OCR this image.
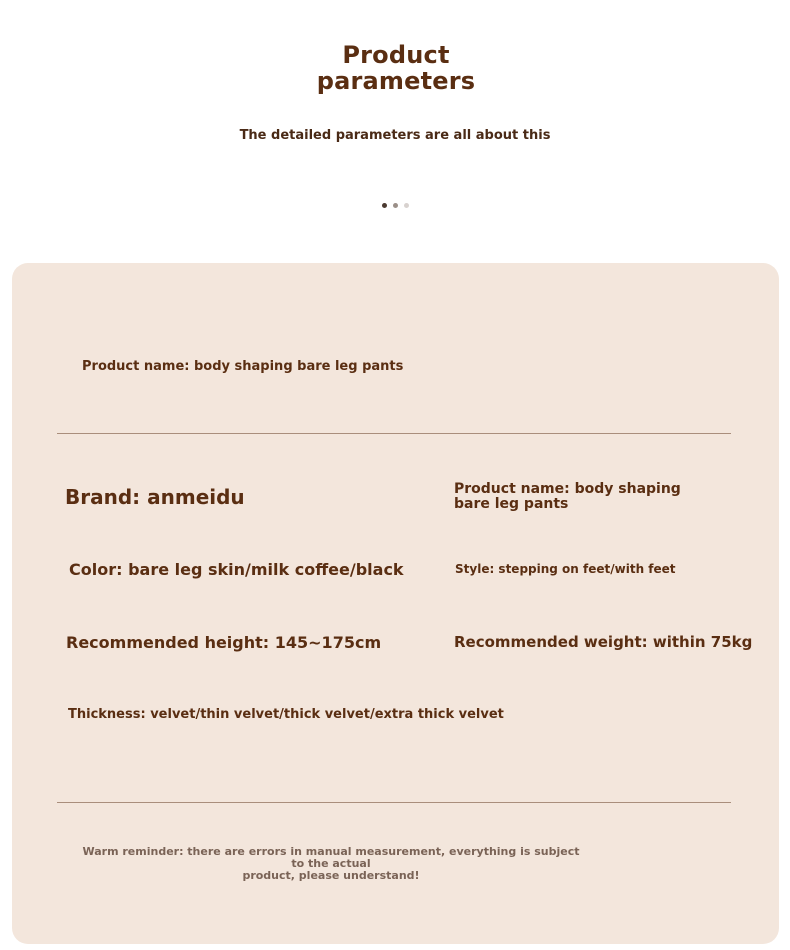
Product
parameters
The detailed parameters are all about this
Product name: body shaping bare leg pants
Brand: anmeidu	Product name: body shaping
bare leg pants
Color: bare leg skin/milk coffee/black	Style: stepping on feet/with feet
Recommended height: 145~175cm	Recommended weight: within 75kg
Thickness: velvet/thin velvet/thick velvet/extra thick velvet
Warm reminder: there are errors in manual measurement, everything is subject to the actual
product, please understand!
